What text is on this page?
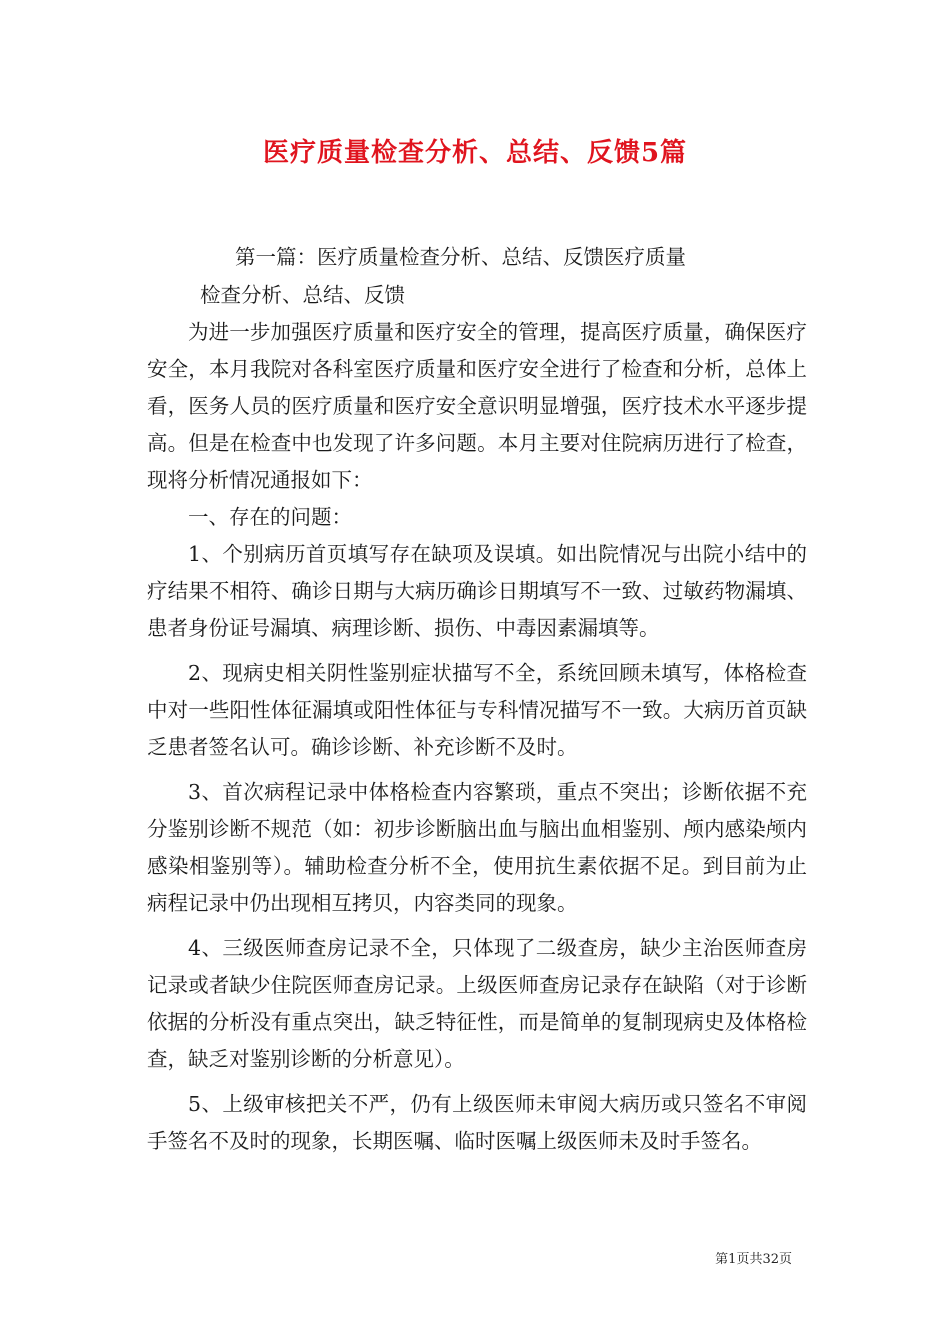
医疗质量检查分析、总结、反馈5篇
第一篇：医疗质量检查分析、总结、反馈医疗质量
检查分析、总结、反馈

为进一步加强医疗质量和医疗安全的管理，提高医疗质量，确保医疗安全，本月我院对各科室医疗质量和医疗安全进行了检查和分析，总体上看，医务人员的医疗质量和医疗安全意识明显增强，医疗技术水平逐步提高。但是在检查中也发现了许多问题。本月主要对住院病历进行了检查，现将分析情况通报如下：

一、存在的问题：

1、个别病历首页填写存在缺项及误填。如出院情况与出院小结中的疗结果不相符、确诊日期与大病历确诊日期填写不一致、过敏药物漏填、患者身份证号漏填、病理诊断、损伤、中毒因素漏填等。

2、现病史相关阴性鉴别症状描写不全，系统回顾未填写，体格检查中对一些阳性体征漏填或阳性体征与专科情况描写不一致。大病历首页缺乏患者签名认可。确诊诊断、补充诊断不及时。

3、首次病程记录中体格检查内容繁琐，重点不突出；诊断依据不充分鉴别诊断不规范（如：初步诊断脑出血与脑出血相鉴别、颅内感染颅内感染相鉴别等）。辅助检查分析不全，使用抗生素依据不足。到目前为止病程记录中仍出现相互拷贝，内容类同的现象。

4、三级医师查房记录不全，只体现了二级查房，缺少主治医师查房记录或者缺少住院医师查房记录。上级医师查房记录存在缺陷（对于诊断依据的分析没有重点突出，缺乏特征性，而是简单的复制现病史及体格检查，缺乏对鉴别诊断的分析意见）。

5、上级审核把关不严，仍有上级医师未审阅大病历或只签名不审阅手签名不及时的现象，长期医嘱、临时医嘱上级医师未及时手签名。

第1页共32页
